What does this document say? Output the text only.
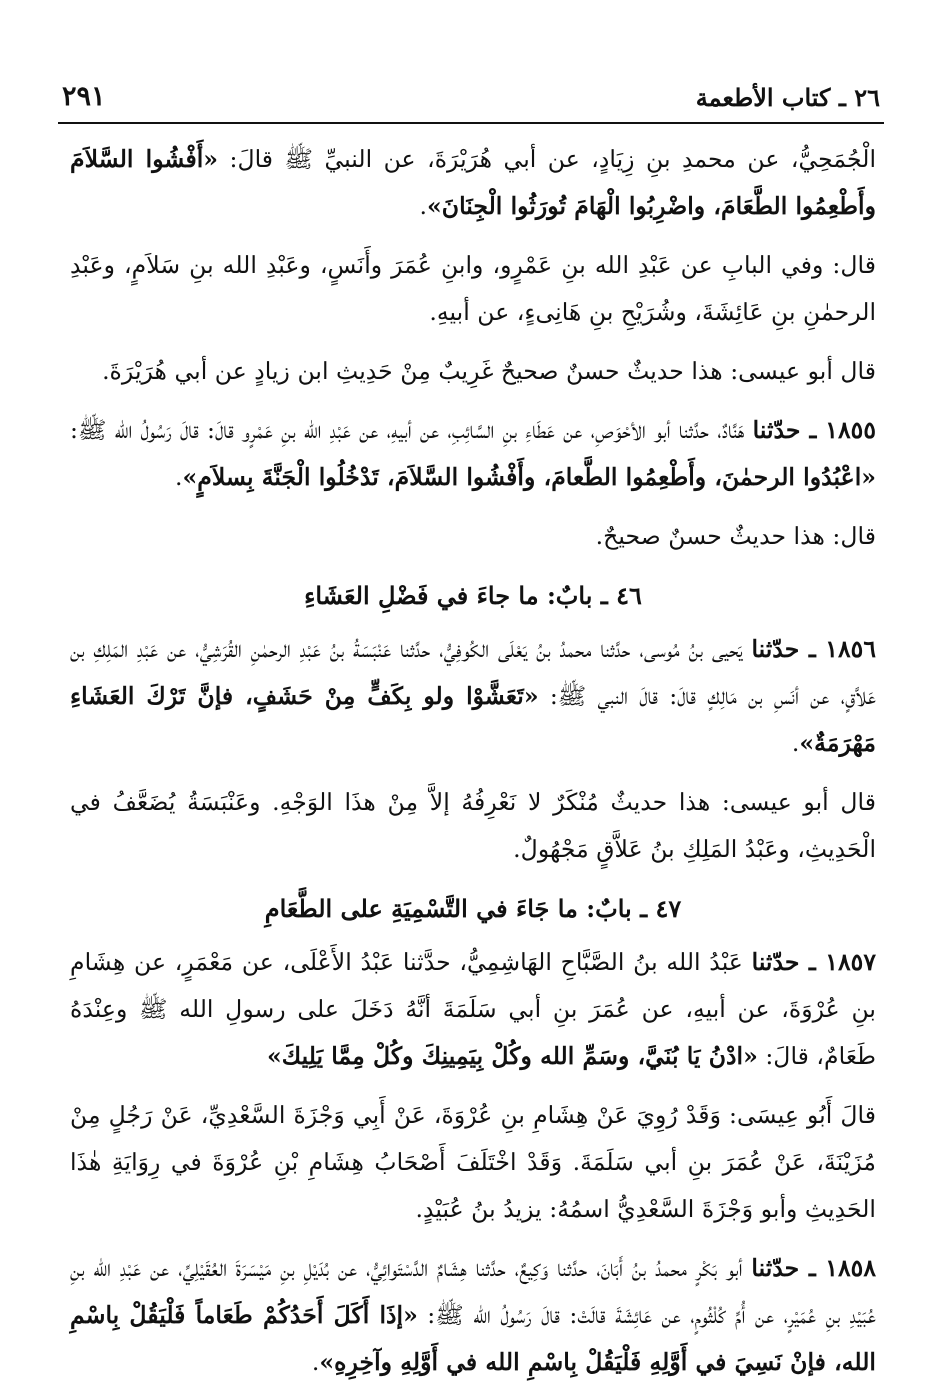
٢٦ ـ كتاب الأطعمة
٢٩١

الْجُمَحِيُّ، عن محمدِ بنِ زِيَادٍ، عن أبي هُرَيْرَةَ، عن النبيِّ ﷺ قالَ: «أَفْشُوا السَّلاَمَ وأَطْعِمُوا الطَّعَامَ، واضْرِبُوا الْهَامَ تُورَثُوا الْجِنَانَ».

قال: وفي البابِ عن عَبْدِ الله بنِ عَمْرٍو، وابنِ عُمَرَ وأَنَسٍ، وعَبْدِ الله بنِ سَلاَمٍ، وعَبْدِ الرحمٰنِ بنِ عَائِشَةَ، وشُرَيْحِ بنِ هَانِىءٍ، عن أبيهِ.

قال أبو عيسى: هذا حديثٌ حسنٌ صحيحٌ غَرِيبٌ مِنْ حَدِيثِ ابن زيادٍ عن أبي هُرَيْرَةَ.

١٨٥٥ ـ حدّثنا هَنَّادٌ، حدَّثنا أبو الأحْوَصِ، عن عَطَاءِ بنِ السَّائِبِ، عن أبيهِ، عن عَبْدِ الله بنِ عَمْرٍو قالَ: قالَ رَسُولُ الله ﷺ: «اعْبُدُوا الرحمٰنَ، وأَطْعِمُوا الطَّعامَ، وأَفْشُوا السَّلاَمَ، تَدْخُلُوا الْجَنَّةَ بِسلاَمٍ».

قال: هذا حديثٌ حسنٌ صحيحٌ.

٤٦ ـ بابٌ: ما جاءَ في فَضْلِ العَشَاءِ

١٨٥٦ ـ حدّثنا يَحيى بنُ مُوسى، حدَّثنا محمدُ بنُ يَعْلَى الكُوفِيُّ، حدَّثنا عَنْبَسَةُ بنُ عَبْدِ الرحمٰنِ القُرَشِيُّ، عن عَبْدِ المَلِكِ بن عَلاَّقٍ، عن أنَسِ بن مَالِكٍ قالَ: قالَ النبي ﷺ: «تَعَشَّوْا ولو بِكَفٍّ مِنْ حَشَفٍ، فإنَّ تَرْكَ العَشَاءِ مَهْرَمَةٌ».

قال أبو عيسى: هذا حديثٌ مُنْكَرٌ لا نَعْرِفُهُ إلاَّ مِنْ هذَا الوَجْهِ. وعَنْبَسَةُ يُضَعَّفُ في الْحَدِيثِ، وعَبْدُ المَلِكِ بنُ عَلاَّقٍ مَجْهُولٌ.

٤٧ ـ بابٌ: ما جَاءَ في التَّسْمِيَةِ على الطَّعَامِ

١٨٥٧ ـ حدّثنا عَبْدُ الله بنُ الصَّبَّاحِ الهَاشِمِيُّ، حدَّثنا عَبْدُ الأَعْلَى، عن مَعْمَرٍ، عن هِشَامِ بنِ عُرْوَةَ، عن أبيهِ، عن عُمَرَ بنِ أبي سَلَمَةَ أنَّهُ دَخَلَ على رسولِ الله ﷺ وعِنْدَهُ طَعَامٌ، قالَ: «ادْنُ يَا بُنَيَّ، وسَمِّ الله وكُلْ بِيَمِينِكَ وكُلْ مِمَّا يَلِيكَ»

قالَ أَبُو عِيسَى: وَقَدْ رُوِيَ عَنْ هِشَامِ بنِ عُرْوَةَ، عَنْ أَبِي وَجْزَةَ السَّعْدِيِّ، عَنْ رَجُلٍ مِنْ مُزَيْنَةَ، عَنْ عُمَرَ بنِ أبي سَلَمَةَ. وَقَدْ اخْتَلَفَ أَصْحَابُ هِشَامِ بْنِ عُرْوَةَ في رِوَايَةِ هٰذَا الحَدِيثِ وأبو وَجْزَةَ السَّعْدِيُّ اسمُهُ: يزيدُ بنُ عُبَيْدٍ.

١٨٥٨ ـ حدّثنا أبو بَكْرٍ محمدُ بنُ أَبَانَ، حدَّثنا وَكِيعٌ، حدَّثنا هِشَامٌ الدَّسْتَوائِيُّ، عن بُدَيْلِ بنِ مَيْسَرَةَ العُقَيْلِيِّ، عن عَبْدِ الله بنِ عُبَيْدِ بنِ عُمَيْرٍ، عن أُمِّ كُلْثُومٍ، عن عَائِشَةَ قالَتْ: قالَ رَسُولُ الله ﷺ: «إذَا أَكَلَ أَحَدُكُمْ طَعَاماً فَلْيَقُلْ بِاسْمِ الله، فإنْ نَسِيَ في أَوَّلِهِ فَلْيَقُلْ بِاسْمِ الله في أَوَّلِهِ وآخِرِهِ».
